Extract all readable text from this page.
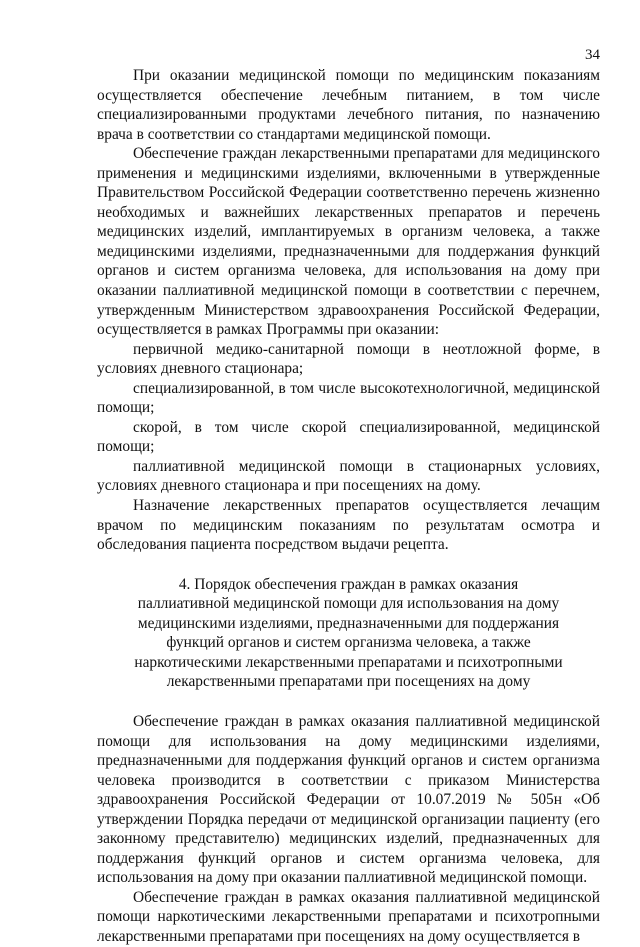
34

При оказании медицинской помощи по медицинским показаниям осуществляется обеспечение лечебным питанием, в том числе специализированными продуктами лечебного питания, по назначению врача в соответствии со стандартами медицинской помощи.

Обеспечение граждан лекарственными препаратами для медицинского применения и медицинскими изделиями, включенными в утвержденные Правительством Российской Федерации соответственно перечень жизненно необходимых и важнейших лекарственных препаратов и перечень медицинских изделий, имплантируемых в организм человека, а также медицинскими изделиями, предназначенными для поддержания функций органов и систем организма человека, для использования на дому при оказании паллиативной медицинской помощи в соответствии с перечнем, утвержденным Министерством здравоохранения Российской Федерации, осуществляется в рамках Программы при оказании:

первичной медико-санитарной помощи в неотложной форме, в условиях дневного стационара;

специализированной, в том числе высокотехнологичной, медицинской помощи;

скорой, в том числе скорой специализированной, медицинской помощи;

паллиативной медицинской помощи в стационарных условиях, условиях дневного стационара и при посещениях на дому.

Назначение лекарственных препаратов осуществляется лечащим врачом по медицинским показаниям по результатам осмотра и обследования пациента посредством выдачи рецепта.

4. Порядок обеспечения граждан в рамках оказания
паллиативной медицинской помощи для использования на дому
медицинскими изделиями, предназначенными для поддержания
функций органов и систем организма человека, а также
наркотическими лекарственными препаратами и психотропными
лекарственными препаратами при посещениях на дому

Обеспечение граждан в рамках оказания паллиативной медицинской помощи для использования на дому медицинскими изделиями, предназначенными для поддержания функций органов и систем организма человека производится в соответствии с приказом Министерства здравоохранения Российской Федерации от 10.07.2019 № 505н «Об утверждении Порядка передачи от медицинской организации пациенту (его законному представителю) медицинских изделий, предназначенных для поддержания функций органов и систем организма человека, для использования на дому при оказании паллиативной медицинской помощи.

Обеспечение граждан в рамках оказания паллиативной медицинской помощи наркотическими лекарственными препаратами и психотропными лекарственными препаратами при посещениях на дому осуществляется в
